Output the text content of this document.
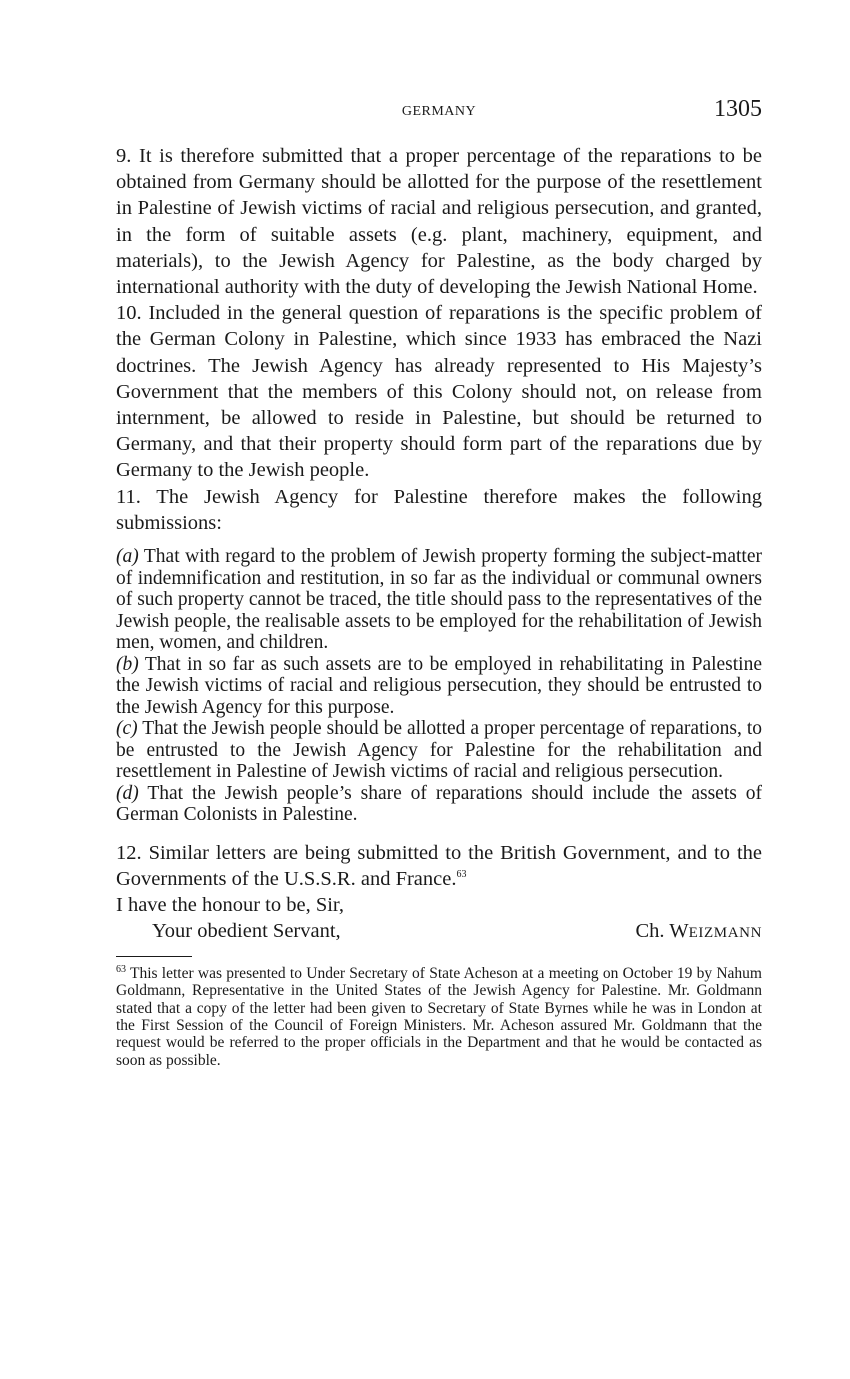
GERMANY	1305

9. It is therefore submitted that a proper percentage of the reparations to be obtained from Germany should be allotted for the purpose of the resettlement in Palestine of Jewish victims of racial and religious persecution, and granted, in the form of suitable assets (e.g. plant, machinery, equipment, and materials), to the Jewish Agency for Palestine, as the body charged by international authority with the duty of developing the Jewish National Home.

10. Included in the general question of reparations is the specific problem of the German Colony in Palestine, which since 1933 has embraced the Nazi doctrines. The Jewish Agency has already represented to His Majesty’s Government that the members of this Colony should not, on release from internment, be allowed to reside in Palestine, but should be returned to Germany, and that their property should form part of the reparations due by Germany to the Jewish people.

11. The Jewish Agency for Palestine therefore makes the following submissions:

(a) That with regard to the problem of Jewish property forming the subject-matter of indemnification and restitution, in so far as the individual or communal owners of such property cannot be traced, the title should pass to the representatives of the Jewish people, the realisable assets to be employed for the rehabilitation of Jewish men, women, and children.

(b) That in so far as such assets are to be employed in rehabilitating in Palestine the Jewish victims of racial and religious persecution, they should be entrusted to the Jewish Agency for this purpose.

(c) That the Jewish people should be allotted a proper percentage of reparations, to be entrusted to the Jewish Agency for Palestine for the rehabilitation and resettlement in Palestine of Jewish victims of racial and religious persecution.

(d) That the Jewish people’s share of reparations should include the assets of German Colonists in Palestine.

12. Similar letters are being submitted to the British Government, and to the Governments of the U.S.S.R. and France.$^{63}$

I have the honour to be, Sir,

Your obedient Servant,	Ch. WEIZMANN

$^{63}$ This letter was presented to Under Secretary of State Acheson at a meeting on October 19 by Nahum Goldmann, Representative in the United States of the Jewish Agency for Palestine. Mr. Goldmann stated that a copy of the letter had been given to Secretary of State Byrnes while he was in London at the First Session of the Council of Foreign Ministers. Mr. Acheson assured Mr. Goldmann that the request would be referred to the proper officials in the Department and that he would be contacted as soon as possible.
